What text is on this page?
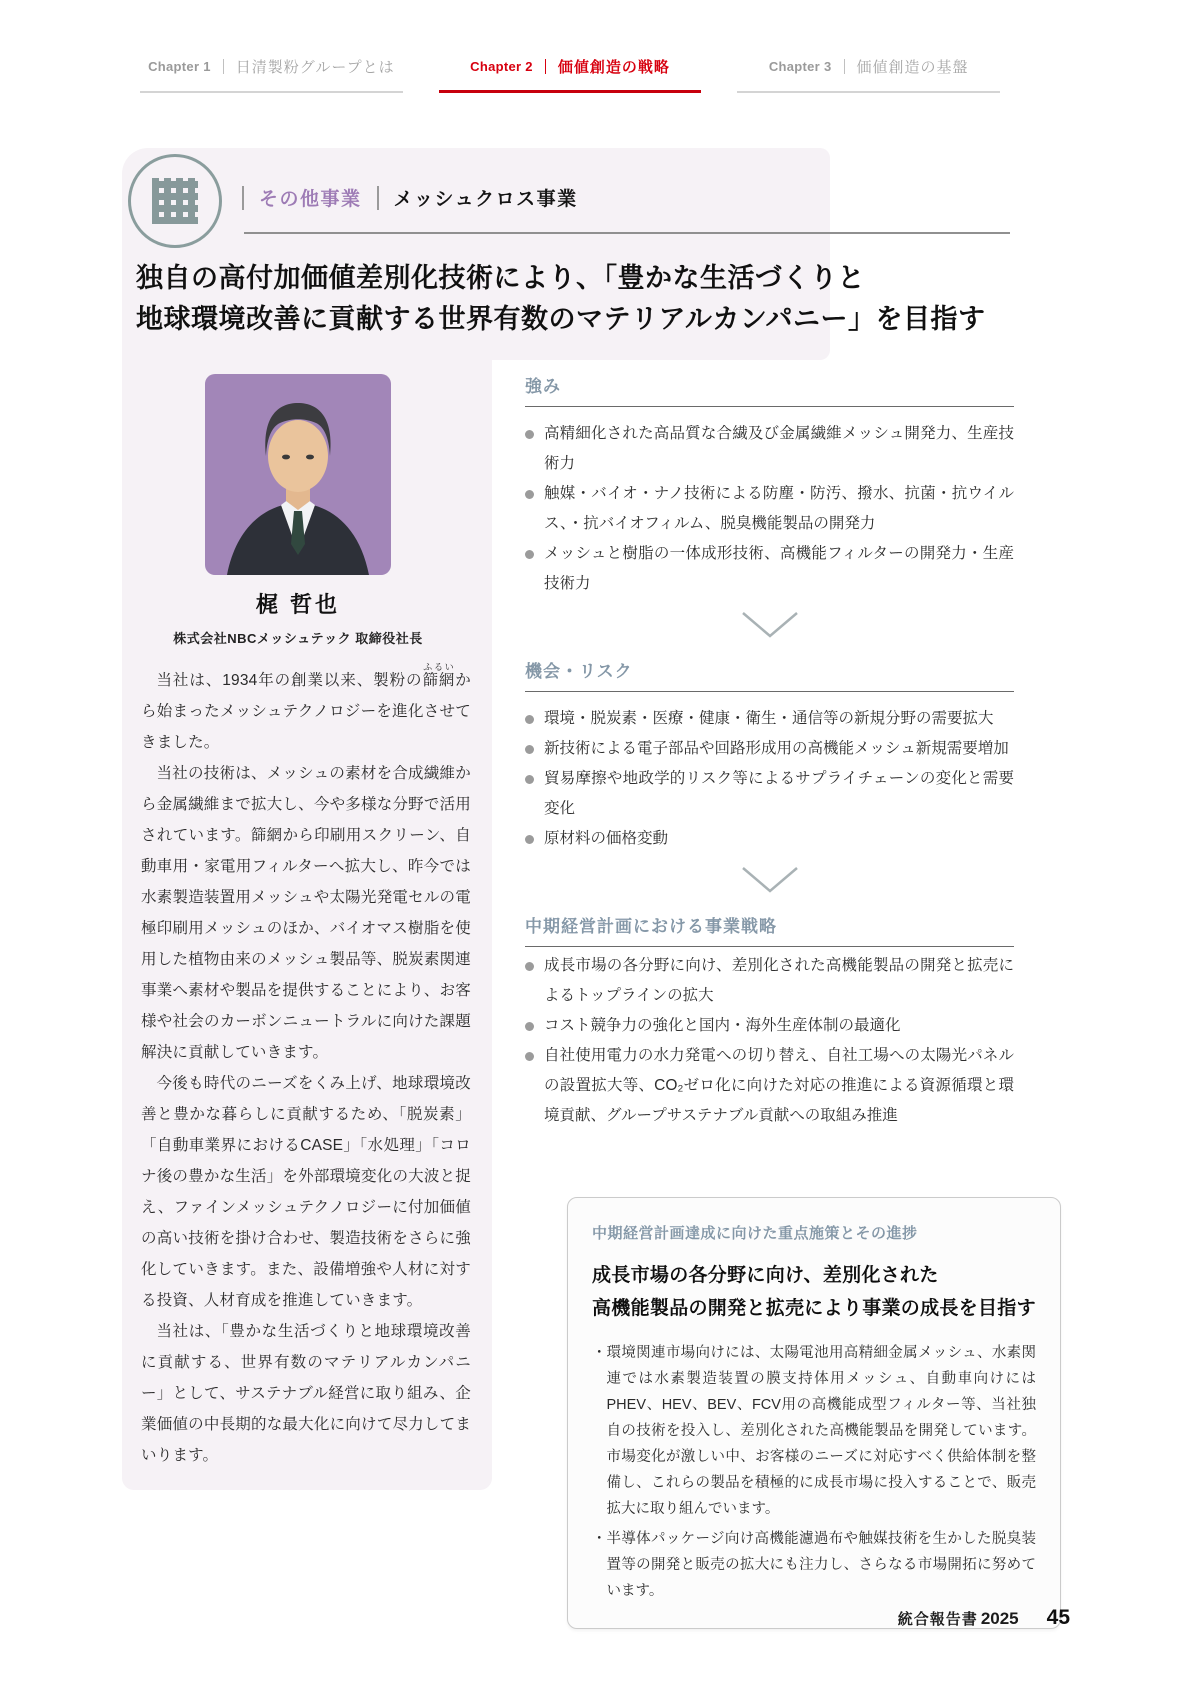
Chapter 1 日清製粉グループとは	Chapter 2 価値創造の戦略	Chapter 3 価値創造の基盤
その他事業 メッシュクロス事業
独自の高付加価値差別化技術により、「豊かな生活づくりと
地球環境改善に貢献する世界有数のマテリアルカンパニー」を目指す
梶 哲也
株式会社NBCメッシュテック 取締役社長

当社は、1934年の創業以来、製粉の篩網ふるいから始まったメッシュテクノロジーを進化させてきました。

当社の技術は、メッシュの素材を合成繊維から金属繊維まで拡大し、今や多様な分野で活用されています。篩網から印刷用スクリーン、自動車用・家電用フィルターへ拡大し、昨今では水素製造装置用メッシュや太陽光発電セルの電極印刷用メッシュのほか、バイオマス樹脂を使用した植物由来のメッシュ製品等、脱炭素関連事業へ素材や製品を提供することにより、お客様や社会のカーボンニュートラルに向けた課題解決に貢献していきます。

今後も時代のニーズをくみ上げ、地球環境改善と豊かな暮らしに貢献するため、「脱炭素」「自動車業界におけるCASE」「水処理」「コロナ後の豊かな生活」を外部環境変化の大波と捉え、ファインメッシュテクノロジーに付加価値の高い技術を掛け合わせ、製造技術をさらに強化していきます。また、設備増強や人材に対する投資、人材育成を推進していきます。

当社は、「豊かな生活づくりと地球環境改善に貢献する、世界有数のマテリアルカンパニー」として、サステナブル経営に取り組み、企業価値の中長期的な最大化に向けて尽力してまいります。

強み
高精細化された高品質な合繊及び金属繊維メッシュ開発力、生産技術力
触媒・バイオ・ナノ技術による防塵・防汚、撥水、抗菌・抗ウイルス、・抗バイオフィルム、脱臭機能製品の開発力
メッシュと樹脂の一体成形技術、高機能フィルターの開発力・生産技術力
機会・リスク
環境・脱炭素・医療・健康・衛生・通信等の新規分野の需要拡大
新技術による電子部品や回路形成用の高機能メッシュ新規需要増加
貿易摩擦や地政学的リスク等によるサプライチェーンの変化と需要変化
原材料の価格変動
中期経営計画における事業戦略
成長市場の各分野に向け、差別化された高機能製品の開発と拡売によるトップラインの拡大
コスト競争力の強化と国内・海外生産体制の最適化
自社使用電力の水力発電への切り替え、自社工場への太陽光パネルの設置拡大等、CO₂ゼロ化に向けた対応の推進による資源循環と環境貢献、グループサステナブル貢献への取組み推進
中期経営計画達成に向けた重点施策とその進捗
成長市場の各分野に向け、差別化された
高機能製品の開発と拡売により事業の成長を目指す
・ 環境関連市場向けには、太陽電池用高精細金属メッシュ、水素関連では水素製造装置の膜支持体用メッシュ、自動車向けにはPHEV、HEV、BEV、FCV用の高機能成型フィルター等、当社独自の技術を投入し、差別化された高機能製品を開発しています。市場変化が激しい中、お客様のニーズに対応すべく供給体制を整備し、これらの製品を積極的に成長市場に投入することで、販売拡大に取り組んでいます。
・ 半導体パッケージ向け高機能濾過布や触媒技術を生かした脱臭装置等の開発と販売の拡大にも注力し、さらなる市場開拓に努めています。
統合報告書 2025 45
